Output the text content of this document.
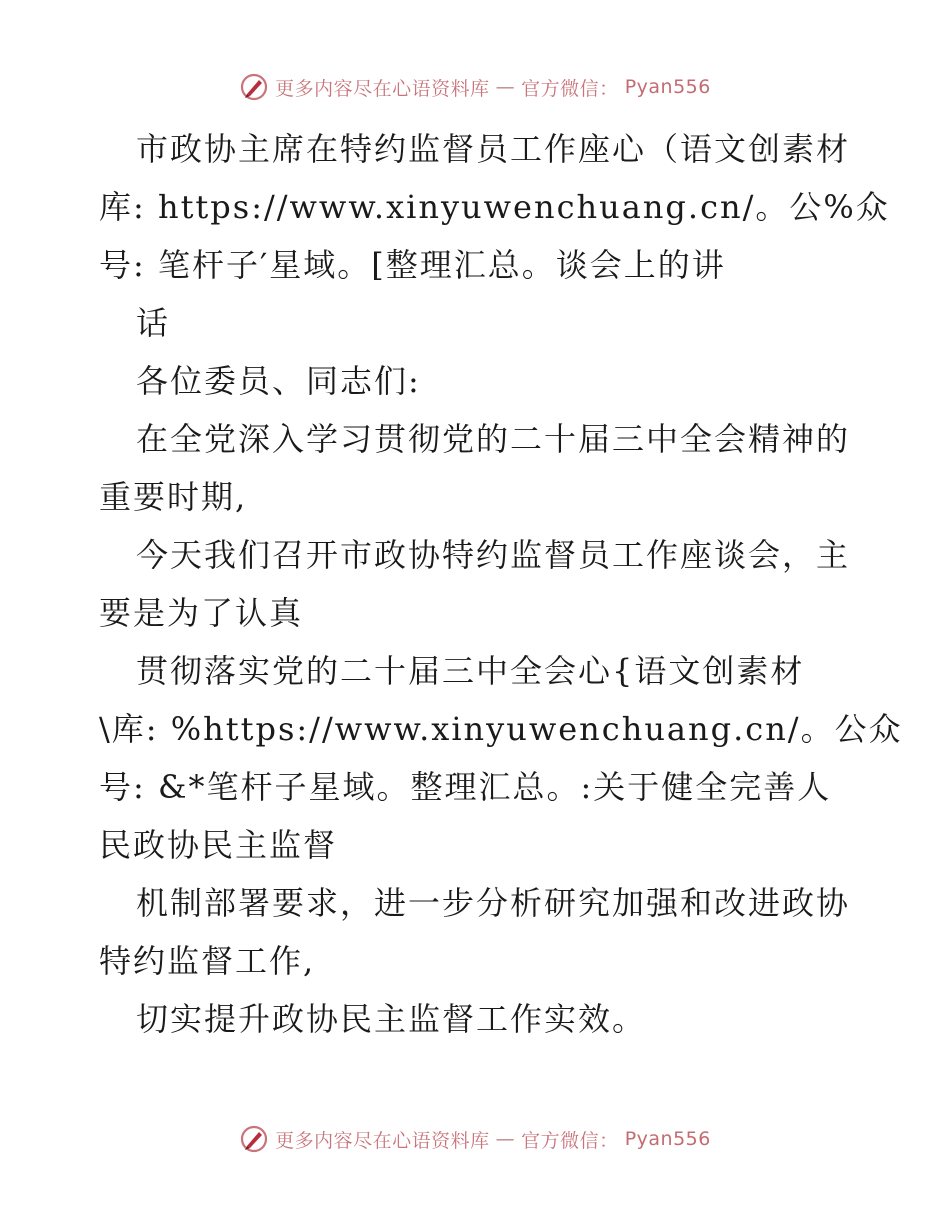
更多内容尽在心语资料库 — 官方微信： Pyan556
市政协主席在特约监督员工作座心（语文创素材
库: https://www.xinyuwenchuang.cn/。公%众
号: 笔杆子′星域。[整理汇总。谈会上的讲
话
各位委员、同志们:
在全党深入学习贯彻党的二十届三中全会精神的
重要时期,
今天我们召开市政协特约监督员工作座谈会，主
要是为了认真
贯彻落实党的二十届三中全会心{语文创素材
\库: %https://www.xinyuwenchuang.cn/。公众
号: &*笔杆子星域。整理汇总。:关于健全完善人
民政协民主监督
机制部署要求，进一步分析研究加强和改进政协
特约监督工作,
切实提升政协民主监督工作实效。
更多内容尽在心语资料库 — 官方微信： Pyan556
